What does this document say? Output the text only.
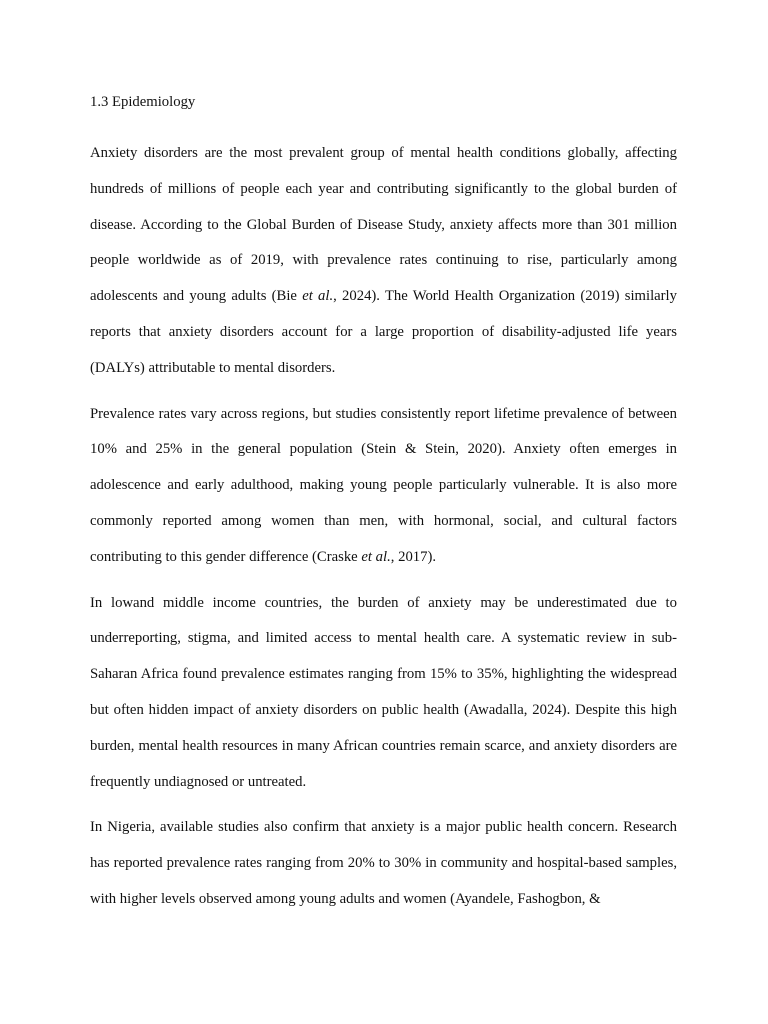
1.3 Epidemiology

Anxiety disorders are the most prevalent group of mental health conditions globally, affecting hundreds of millions of people each year and contributing significantly to the global burden of disease. According to the Global Burden of Disease Study, anxiety affects more than 301 million people worldwide as of 2019, with prevalence rates continuing to rise, particularly among adolescents and young adults (Bie et al., 2024). The World Health Organization (2019) similarly reports that anxiety disorders account for a large proportion of disability-adjusted life years (DALYs) attributable to mental disorders.

Prevalence rates vary across regions, but studies consistently report lifetime prevalence of between 10% and 25% in the general population (Stein & Stein, 2020). Anxiety often emerges in adolescence and early adulthood, making young people particularly vulnerable. It is also more commonly reported among women than men, with hormonal, social, and cultural factors contributing to this gender difference (Craske et al., 2017).

In lowand middle income countries, the burden of anxiety may be underestimated due to underreporting, stigma, and limited access to mental health care. A systematic review in sub-Saharan Africa found prevalence estimates ranging from 15% to 35%, highlighting the widespread but often hidden impact of anxiety disorders on public health (Awadalla, 2024). Despite this high burden, mental health resources in many African countries remain scarce, and anxiety disorders are frequently undiagnosed or untreated.

In Nigeria, available studies also confirm that anxiety is a major public health concern. Research has reported prevalence rates ranging from 20% to 30% in community and hospital-based samples, with higher levels observed among young adults and women (Ayandele, Fashogbon, &
